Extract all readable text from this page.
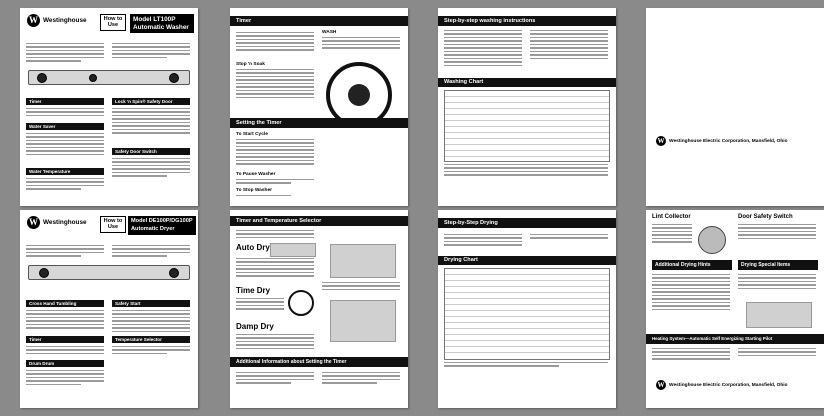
W Westinghouse	How to Use
Model LT100P
Automatic Washer
Timer
Water Saver
Water Temperature
Lock 'n Spin® Safety Door
Safety Door Switch
Timer
WASH
Stop 'n Soak
Setting the Timer
To Start Cycle
To Pause Washer
To Stop Washer
Step-by-step washing instructions
Washing Chart
W Westinghouse Electric Corporation, Mansfield, Ohio
W Westinghouse	How to Use
Model DE100P/DG100P
Automatic Dryer
Cross Hand Tumbling
Timer
Drum Drum
Safety Start
Temperature Selector
Timer and Temperature Selector
Auto Dry
Time Dry
Damp Dry
Additional Information about Setting the Timer
Step-by-Step Drying
Drying Chart
Lint Collector	Door Safety Switch
Additional Drying Hints	Drying Special Items
Heating System—Automatic Self Energizing Starting Pilot
W Westinghouse Electric Corporation, Mansfield, Ohio
